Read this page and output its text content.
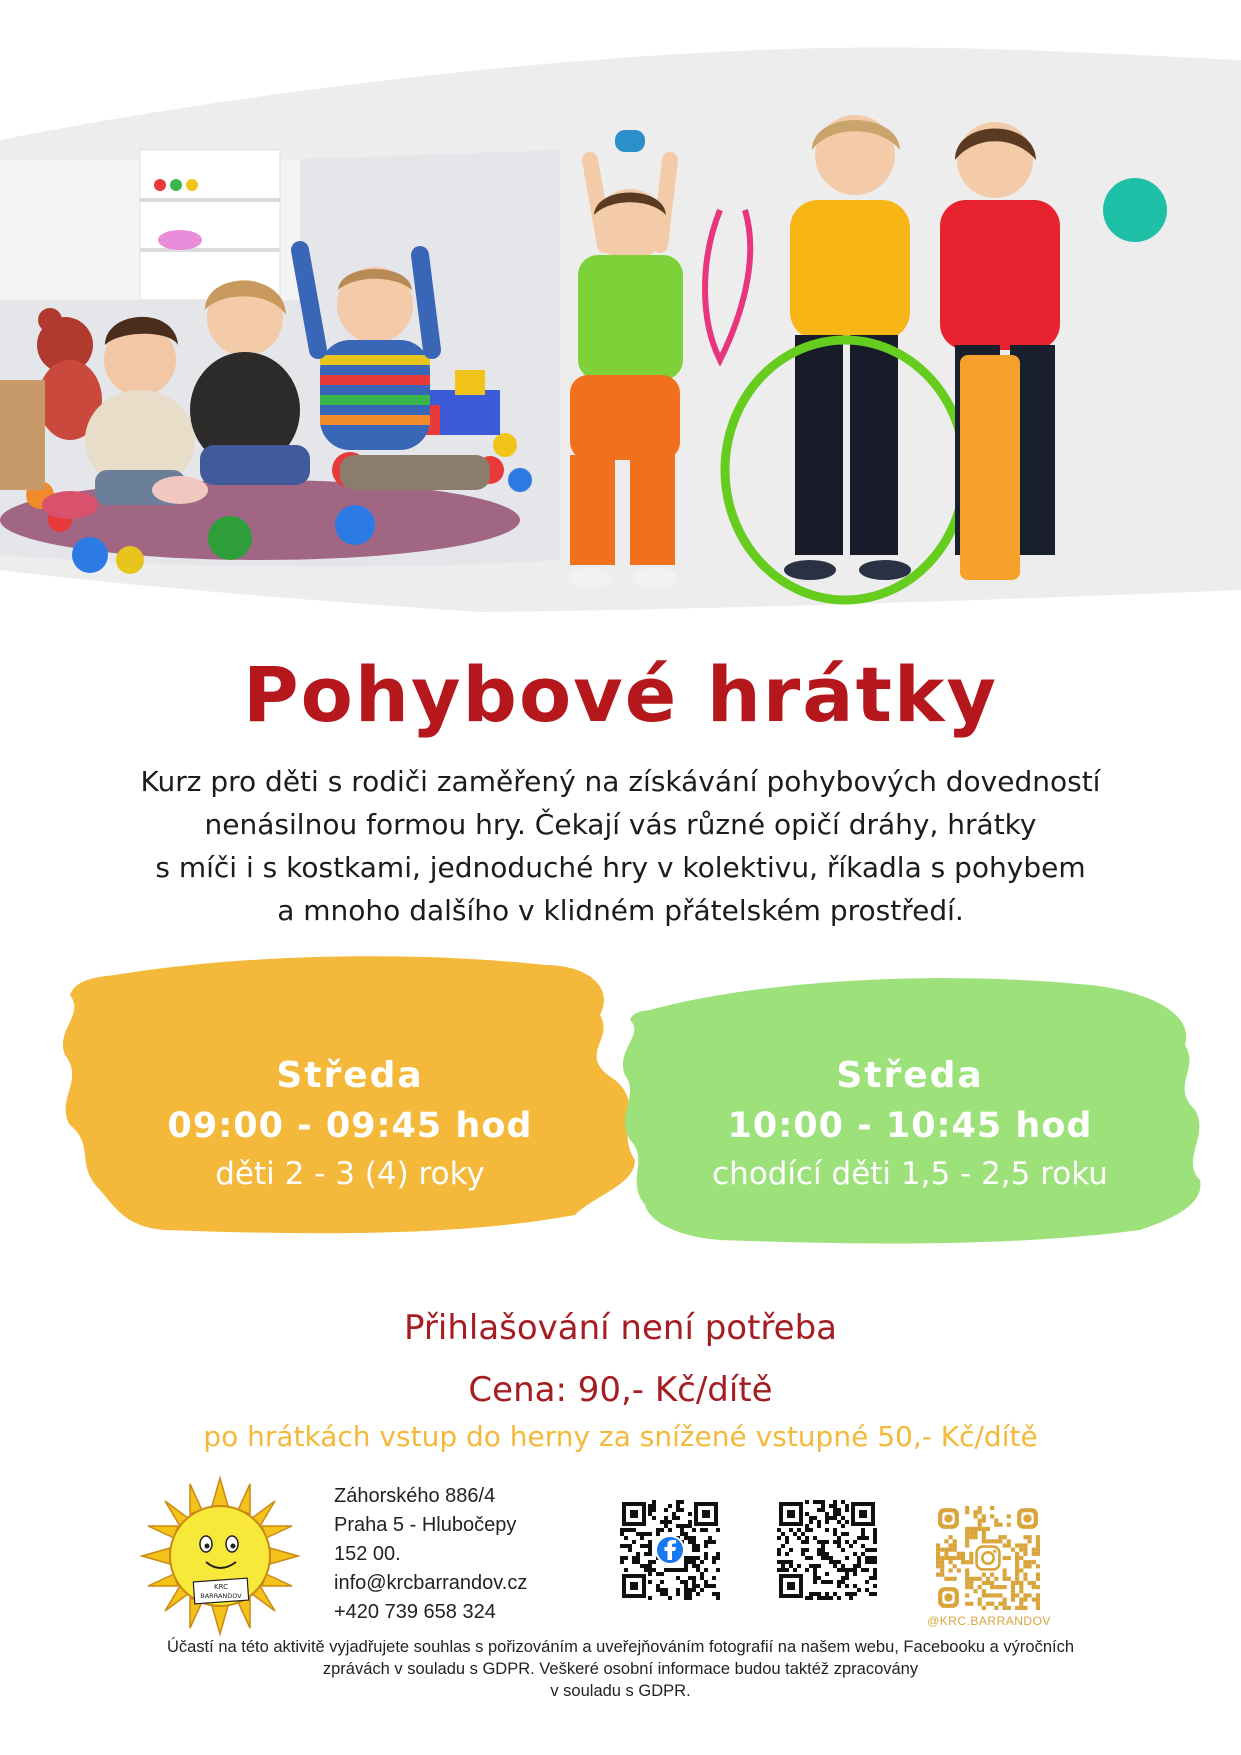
Pohybové hrátky
Kurz pro děti s rodiči zaměřený na získávání pohybových dovedností
nenásilnou formou hry. Čekají vás různé opičí dráhy, hrátky
s míči i s kostkami, jednoduché hry v kolektivu, říkadla s pohybem
a mnoho dalšího v klidném přátelském prostředí.
Středa
09:00 - 09:45 hod
děti 2 - 3 (4) roky
Středa
10:00 - 10:45 hod
chodící děti 1,5 - 2,5 roku
Přihlašování není potřeba
Cena: 90,- Kč/dítě
po hrátkách vstup do herny za snížené vstupné 50,- Kč/dítě
KRC
BARRANDOV
Záhorského 886/4
Praha 5 - Hlubočepy
152 00.
info@krcbarrandov.cz
+420 739 658 324	@KRC.BARRANDOV
Účastí na této aktivitě vyjadřujete souhlas s pořizováním a uveřejňováním fotografií na našem webu, Facebooku a výročních
zprávách v souladu s GDPR. Veškeré osobní informace budou taktéž zpracovány
v souladu s GDPR.
